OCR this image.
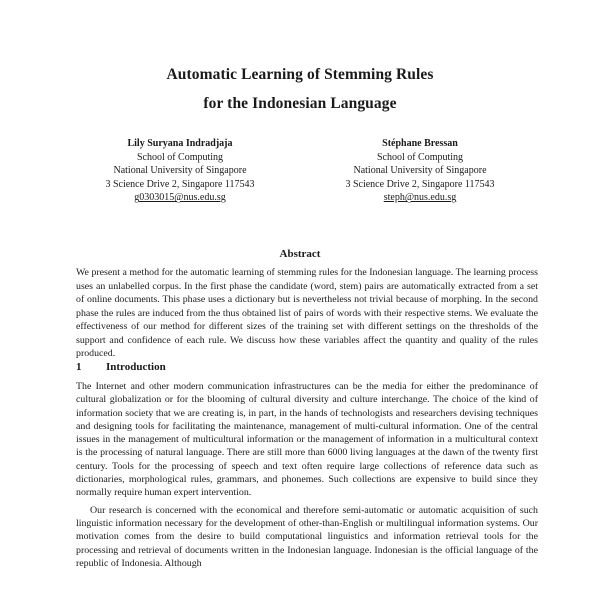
Automatic Learning of Stemming Rules
for the Indonesian Language
Lily Suryana Indradjaja
School of Computing
National University of Singapore
3 Science Drive 2, Singapore 117543
g0303015@nus.edu.sg
Stéphane Bressan
School of Computing
National University of Singapore
3 Science Drive 2, Singapore 117543
steph@nus.edu.sg
Abstract

We present a method for the automatic learning of stemming rules for the Indonesian language. The learning process uses an unlabelled corpus. In the first phase the candidate (word, stem) pairs are automatically extracted from a set of online documents. This phase uses a dictionary but is nevertheless not trivial because of morphing. In the second phase the rules are induced from the thus obtained list of pairs of words with their respective stems. We evaluate the effectiveness of our method for different sizes of the training set with different settings on the thresholds of the support and confidence of each rule. We discuss how these variables affect the quantity and quality of the rules produced.

1 Introduction

The Internet and other modern communication infrastructures can be the media for either the predominance of cultural globalization or for the blooming of cultural diversity and culture interchange. The choice of the kind of information society that we are creating is, in part, in the hands of technologists and researchers devising techniques and designing tools for facilitating the maintenance, management of multi-cultural information. One of the central issues in the management of multicultural information or the management of information in a multicultural context is the processing of natural language. There are still more than 6000 living languages at the dawn of the twenty first century. Tools for the processing of speech and text often require large collections of reference data such as dictionaries, morphological rules, grammars, and phonemes. Such collections are expensive to build since they normally require human expert intervention.

Our research is concerned with the economical and therefore semi-automatic or automatic acquisition of such linguistic information necessary for the development of other-than-English or multilingual information systems. Our motivation comes from the desire to build computational linguistics and information retrieval tools for the processing and retrieval of documents written in the Indonesian language. Indonesian is the official language of the republic of Indonesia. Although
